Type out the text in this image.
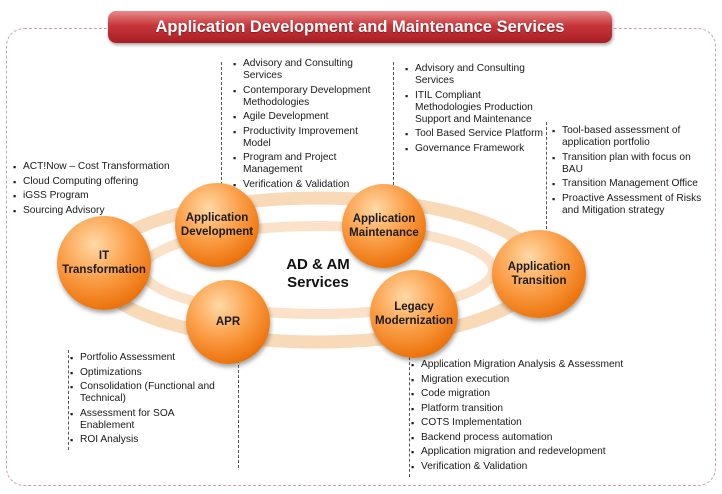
Application Development and Maintenance Services
IT Transformation
Application Development
Application Maintenance
Application Transition
APR
Legacy Modernization
AD & AM
Services
▪ ACT!Now – Cost Transformation
▪ Cloud Computing offering
▪ iGSS Program
▪ Sourcing Advisory
▪ Advisory and Consulting Services
▪ Contemporary Development Methodologies
▪ Agile Development
▪ Productivity Improvement Model
▪ Program and Project Management
▪ Verification & Validation
▪ Advisory and Consulting Services
▪ ITIL Compliant Methodologies Production Support and Maintenance
▪ Tool Based Service Platform
▪ Governance Framework
▪ Tool-based assessment of application portfolio
▪ Transition plan with focus on BAU
▪ Transition Management Office
▪ Proactive Assessment of Risks and Mitigation strategy
▪ Portfolio Assessment
▪ Optimizations
▪ Consolidation (Functional and Technical)
▪ Assessment for SOA Enablement
▪ ROI Analysis
▪ Application Migration Analysis & Assessment
▪ Migration execution
▪ Code migration
▪ Platform transition
▪ COTS Implementation
▪ Backend process automation
▪ Application migration and redevelopment
▪ Verification & Validation
